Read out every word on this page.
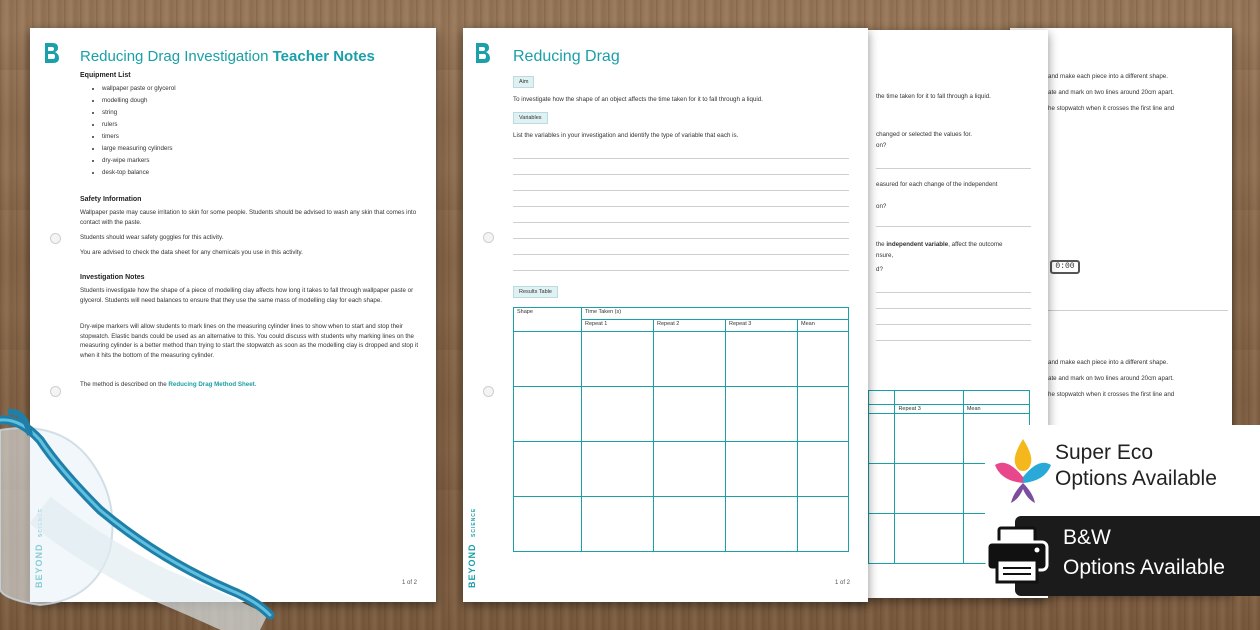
and make each piece into a different shape.
ate and mark on two lines around 20cm apart.
he stopwatch when it crosses the first line and
0:00
and make each piece into a different shape.
ate and mark on two lines around 20cm apart.
he stopwatch when it crosses the first line and
the time taken for it to fall through a liquid.
changed or selected the values for.
on?
easured for each change of the independent
on?
the independent variable, affect the outcome
nsure,
d?

	Repeat 3	Mean

Reducing Drag Investigation Teacher Notes
Equipment List
• wallpaper paste or glycerol
• modelling dough
• string
• rulers
• timers
• large measuring cylinders
• dry-wipe markers
• desk-top balance
Safety Information
Wallpaper paste may cause irritation to skin for some people. Students should be advised to wash any skin that comes into contact with the paste.
Students should wear safety goggles for this activity.
You are advised to check the data sheet for any chemicals you use in this activity.
Investigation Notes
Students investigate how the shape of a piece of modelling clay affects how long it takes to fall through wallpaper paste or glycerol. Students will need balances to ensure that they use the same mass of modelling clay for each shape.
Dry-wipe markers will allow students to mark lines on the measuring cylinder lines to show when to start and stop their stopwatch. Elastic bands could be used as an alternative to this. You could discuss with students why marking lines on the measuring cylinder is a better method than trying to start the stopwatch as soon as the modelling clay is dropped and stop it when it hits the bottom of the measuring cylinder.
The method is described on the Reducing Drag Method Sheet.
1 of 2
Reducing Drag
Aim
To investigate how the shape of an object affects the time taken for it to fall through a liquid.
Variables
List the variables in your investigation and identify the type of variable that each is.
Results Table
Shape	Time Taken (s)			
	Repeat 1	Repeat 2	Repeat 3	Mean

BEYOND SCIENCE
1 of 2
Super Eco
Options Available
B&W
Options Available
